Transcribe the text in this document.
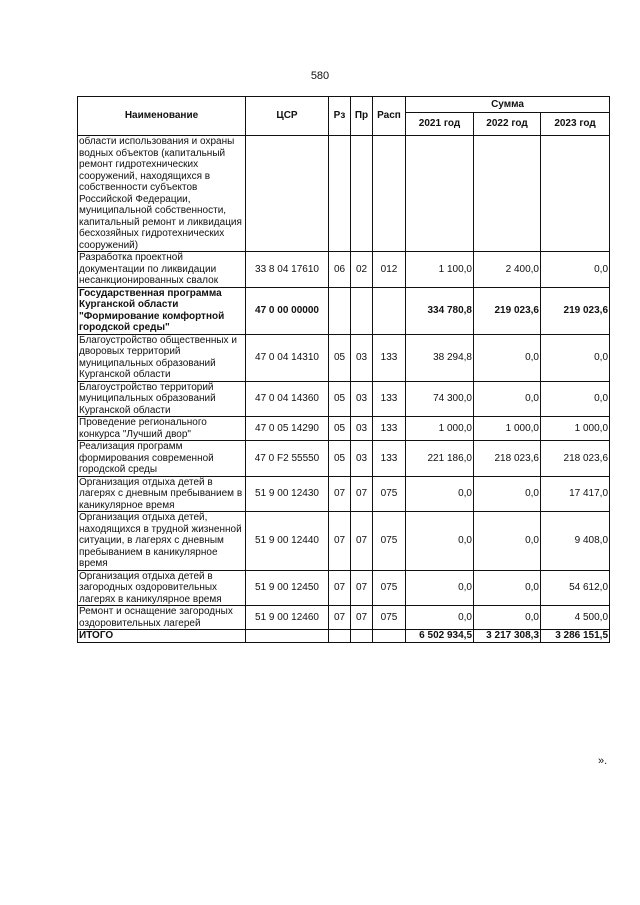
580
Наименование	ЦСР	Рз	Пр	Расп	Сумма		
					2021 год	2022 год	2023 год
области использования и охраны водных объектов (капитальный ремонт гидротехнических сооружений, находящихся в собственности субъектов Российской Федерации, муниципальной собственности, капитальный ремонт и ликвидация бесхозяйных гидротехнических сооружений)							
Разработка проектной документации по ликвидации несанкционированных свалок	33 8 04 17610	06	02	012	1 100,0	2 400,0	0,0
Государственная программа Курганской области "Формирование комфортной городской среды"	47 0 00 00000				334 780,8	219 023,6	219 023,6
Благоустройство общественных и дворовых территорий муниципальных образований Курганской области	47 0 04 14310	05	03	133	38 294,8	0,0	0,0
Благоустройство территорий муниципальных образований Курганской области	47 0 04 14360	05	03	133	74 300,0	0,0	0,0
Проведение регионального конкурса "Лучший двор"	47 0 05 14290	05	03	133	1 000,0	1 000,0	1 000,0
Реализация программ формирования современной городской среды	47 0 F2 55550	05	03	133	221 186,0	218 023,6	218 023,6
Организация отдыха детей в лагерях с дневным пребыванием в каникулярное время	51 9 00 12430	07	07	075	0,0	0,0	17 417,0
Организация отдыха детей, находящихся в трудной жизненной ситуации, в лагерях с дневным пребыванием в каникулярное время	51 9 00 12440	07	07	075	0,0	0,0	9 408,0
Организация отдыха детей в загородных оздоровительных лагерях в каникулярное время	51 9 00 12450	07	07	075	0,0	0,0	54 612,0
Ремонт и оснащение загородных оздоровительных лагерей	51 9 00 12460	07	07	075	0,0	0,0	4 500,0
ИТОГО					6 502 934,5	3 217 308,3	3 286 151,5
».
